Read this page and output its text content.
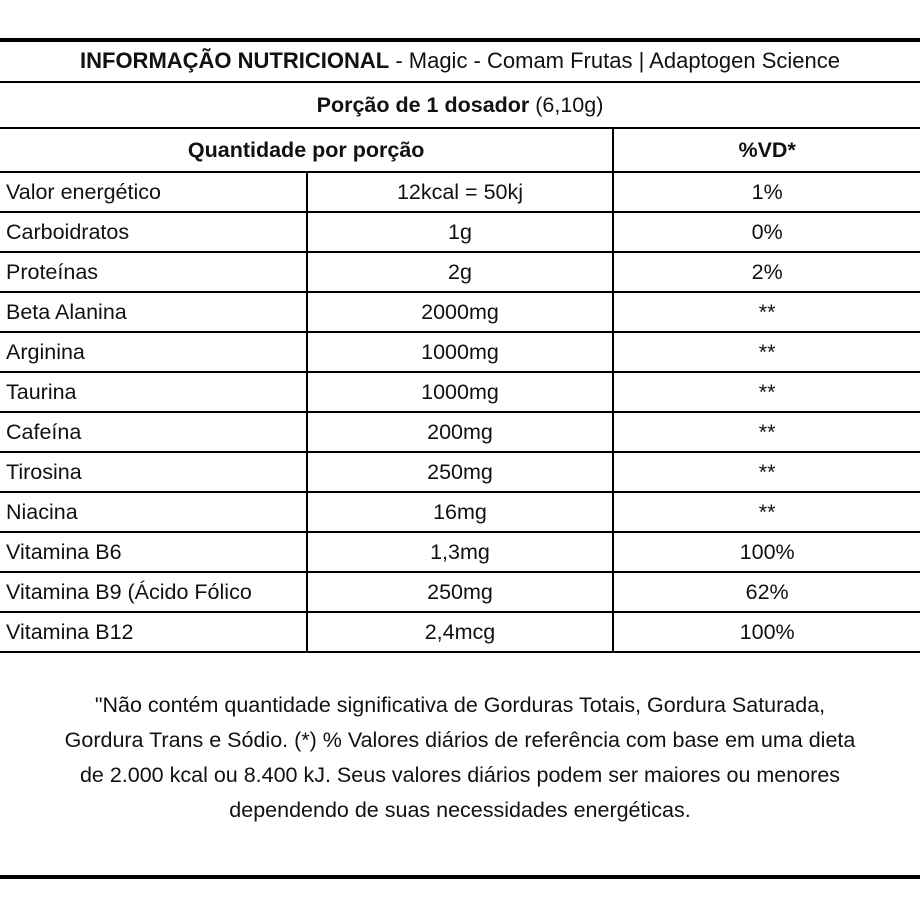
INFORMAÇÃO NUTRICIONAL - Magic - Comam Frutas | Adaptogen Science		
Porção de 1 dosador (6,10g)		
Quantidade por porção		%VD*
Valor energético	12kcal = 50kj	1%
Carboidratos	1g	0%
Proteínas	2g	2%
Beta Alanina	2000mg	**
Arginina	1000mg	**
Taurina	1000mg	**
Cafeína	200mg	**
Tirosina	250mg	**
Niacina	16mg	**
Vitamina B6	1,3mg	100%
Vitamina B9 (Ácido Fólico	250mg	62%
Vitamina B12	2,4mcg	100%

"Não contém quantidade significativa de Gorduras Totais, Gordura Saturada,

Gordura Trans e Sódio. (*) % Valores diários de referência com base em uma dieta

de 2.000 kcal ou 8.400 kJ. Seus valores diários podem ser maiores ou menores

dependendo de suas necessidades energéticas.
